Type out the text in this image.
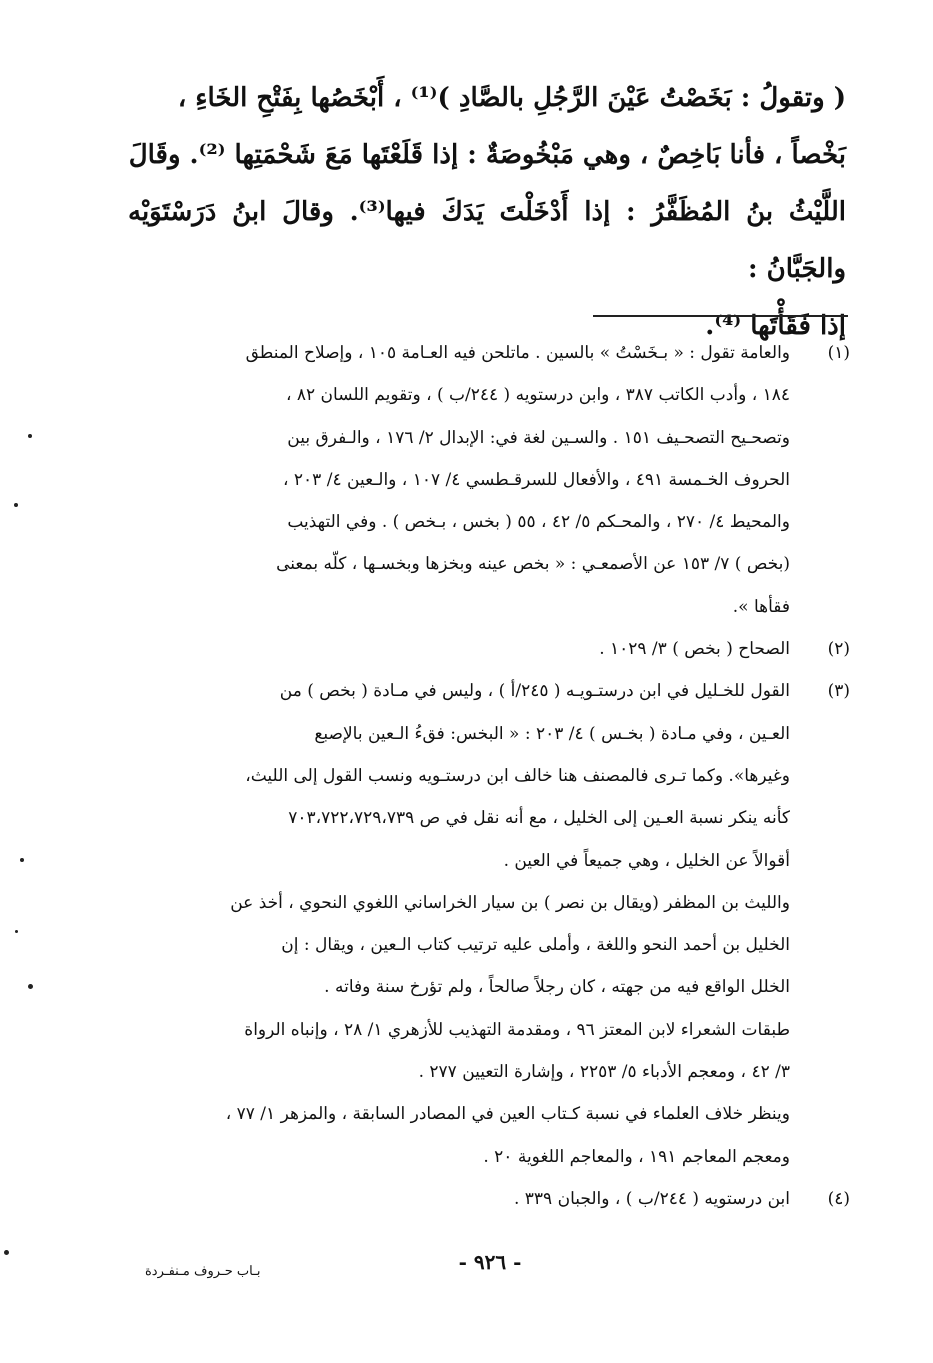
( وتقولُ : بَخَصْتُ عَيْنَ الرَّجُلِ بالصَّادِ )⁽¹⁾ ، أَبْخَصُها بِفَتْحِ الخَاءِ ،

بَخْصاً ، فأنا بَاخِصٌ ، وهي مَبْخُوصَةٌ : إذا قَلَعْتَها مَعَ شَحْمَتِها ⁽²⁾. وقَالَ

اللَّيْثُ بنُ المُظَفَّرُ : إذا أَدْخَلْتَ يَدَكَ فيها⁽³⁾. وقالَ ابنُ دَرَسْتَوَيْه والجَبَّانُ :

إذا فَقَأْتَها ⁽⁴⁾.

(١)

والعامة تقول : « بـخَسْتُ » بالسين . ماتلحن فيه العـامة ١٠٥ ، وإصلاح المنطق

١٨٤ ، وأدب الكاتب ٣٨٧ ، وابن درستويه ( ٢٤٤/ب ) ، وتقويم اللسان ٨٢ ،

وتصحـيح التصحـيف ١٥١ . والسـين لغة في: الإبدال ٢/ ١٧٦ ، والـفرق بين

الحروف الخـمسة ٤٩١ ، والأفعال للسرقـطسي ٤/ ١٠٧ ، والـعين ٤/ ٢٠٣ ،

والمحيط ٤/ ٢٧٠ ، والمحـكم ٥/ ٤٢ ، ٥٥ ( بخس ، بـخص ) . وفي التهذيب

(بخص ) ٧/ ١٥٣ عن الأصمعـي : « بخص عينه وبخزها وبخسـها ، كلّه بمعنى

فقأها ».

(٢)

الصحاح ( بخص ) ٣/ ١٠٢٩ .

(٣)

القول للخـليل في ابن درستـويـه ( ٢٤٥/أ ) ، وليس في مـادة ( بخص ) من

العـين ، وفي مـادة ( بخـس ) ٤/ ٢٠٣ : « البخس: فقءُ الـعين بالإصبع

وغيرها». وكما تـرى فالمصنف هنا خالف ابن درستـويه ونسب القول إلى الليث،

كأنه ينكر نسبة العـين إلى الخليل ، مع أنه نقل في ص ٧٠٣،٧٢٢،٧٢٩،٧٣٩

أقوالاً عن الخليل ، وهي جميعاً في العين .

والليث بن المظفر (ويقال بن نصر ) بن سيار الخراساني اللغوي النحوي ، أخذ عن

الخليل بن أحمد النحو واللغة ، وأملى عليه ترتيب كتاب الـعين ، ويقال : إن

الخلل الواقع فيه من جهته ، كان رجلاً صالحاً ، ولم تؤرخ سنة وفاته .

طبقات الشعراء لابن المعتز ٩٦ ، ومقدمة التهذيب للأزهري ١/ ٢٨ ، وإنباه الرواة

٣/ ٤٢ ، ومعجم الأدباء ٥/ ٢٢٥٣ ، وإشارة التعيين ٢٧٧ .

وينظر خلاف العلماء في نسبة كـتاب العين في المصادر السابقة ، والمزهر ١/ ٧٧ ،

ومعجم المعاجم ١٩١ ، والمعاجم اللغوية ٢٠ .

(٤)

ابن درستويه ( ٢٤٤/ب ) ، والجبان ٣٣٩ .

- ٩٢٦ -
بـاب حـروف مـنفـردة
